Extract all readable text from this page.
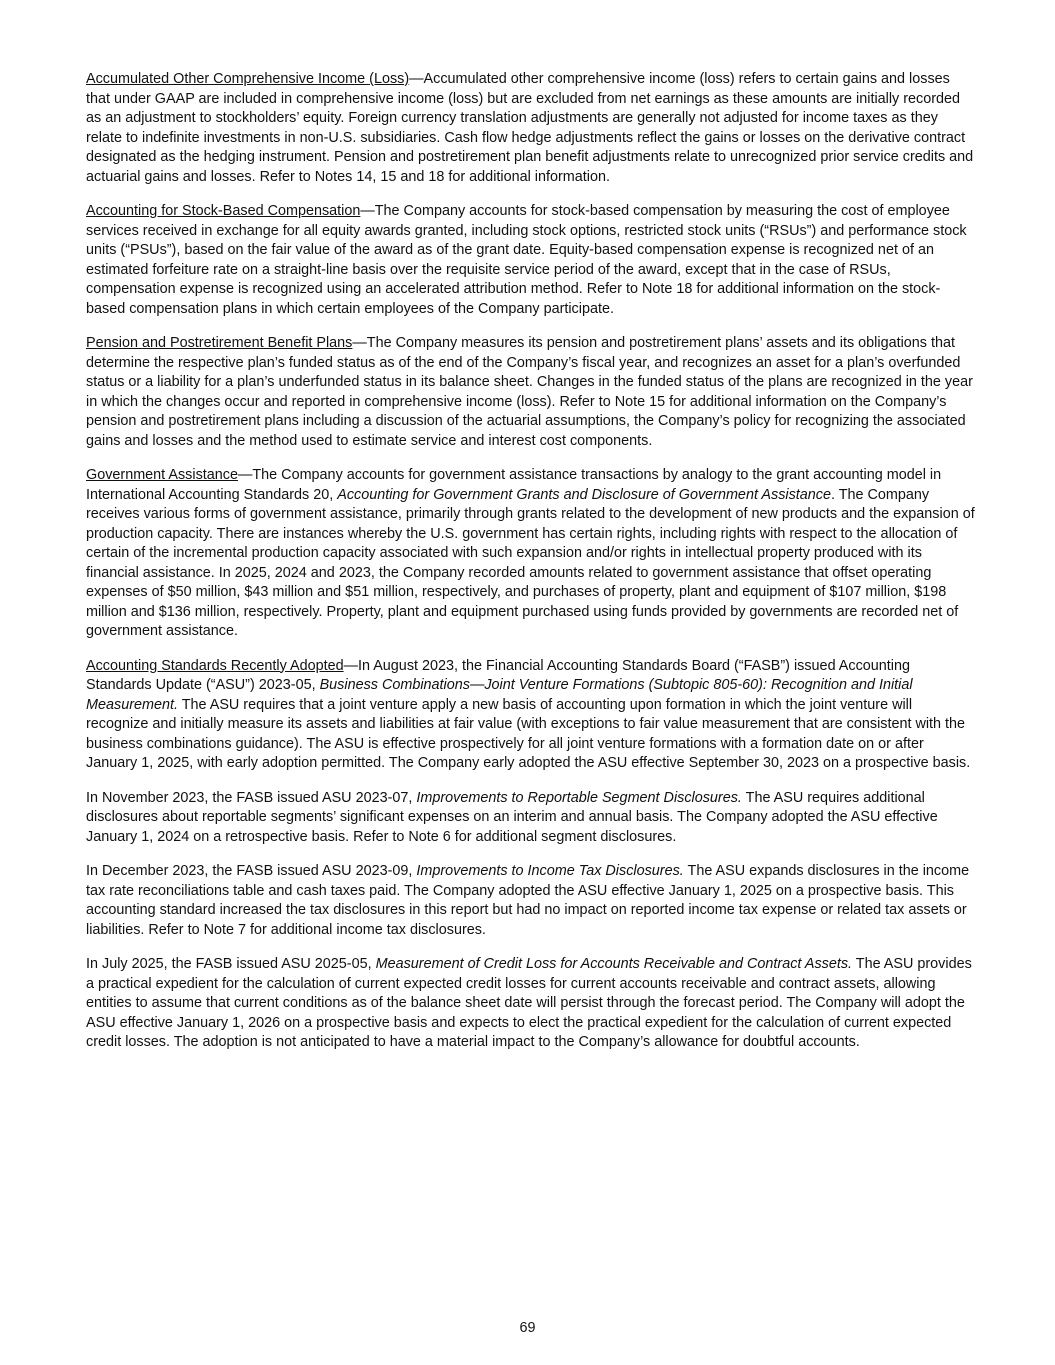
Accumulated Other Comprehensive Income (Loss)—Accumulated other comprehensive income (loss) refers to certain gains and losses that under GAAP are included in comprehensive income (loss) but are excluded from net earnings as these amounts are initially recorded as an adjustment to stockholders’ equity. Foreign currency translation adjustments are generally not adjusted for income taxes as they relate to indefinite investments in non-U.S. subsidiaries. Cash flow hedge adjustments reflect the gains or losses on the derivative contract designated as the hedging instrument. Pension and postretirement plan benefit adjustments relate to unrecognized prior service credits and actuarial gains and losses. Refer to Notes 14, 15 and 18 for additional information.

Accounting for Stock-Based Compensation—The Company accounts for stock-based compensation by measuring the cost of employee services received in exchange for all equity awards granted, including stock options, restricted stock units (“RSUs”) and performance stock units (“PSUs”), based on the fair value of the award as of the grant date. Equity-based compensation expense is recognized net of an estimated forfeiture rate on a straight-line basis over the requisite service period of the award, except that in the case of RSUs, compensation expense is recognized using an accelerated attribution method. Refer to Note 18 for additional information on the stock-based compensation plans in which certain employees of the Company participate.

Pension and Postretirement Benefit Plans—The Company measures its pension and postretirement plans’ assets and its obligations that determine the respective plan’s funded status as of the end of the Company’s fiscal year, and recognizes an asset for a plan’s overfunded status or a liability for a plan’s underfunded status in its balance sheet. Changes in the funded status of the plans are recognized in the year in which the changes occur and reported in comprehensive income (loss). Refer to Note 15 for additional information on the Company’s pension and postretirement plans including a discussion of the actuarial assumptions, the Company’s policy for recognizing the associated gains and losses and the method used to estimate service and interest cost components.

Government Assistance—The Company accounts for government assistance transactions by analogy to the grant accounting model in International Accounting Standards 20, Accounting for Government Grants and Disclosure of Government Assistance. The Company receives various forms of government assistance, primarily through grants related to the development of new products and the expansion of production capacity. There are instances whereby the U.S. government has certain rights, including rights with respect to the allocation of certain of the incremental production capacity associated with such expansion and/or rights in intellectual property produced with its financial assistance. In 2025, 2024 and 2023, the Company recorded amounts related to government assistance that offset operating expenses of $50 million, $43 million and $51 million, respectively, and purchases of property, plant and equipment of $107 million, $198 million and $136 million, respectively. Property, plant and equipment purchased using funds provided by governments are recorded net of government assistance.

Accounting Standards Recently Adopted—In August 2023, the Financial Accounting Standards Board (“FASB”) issued Accounting Standards Update (“ASU”) 2023-05, Business Combinations—Joint Venture Formations (Subtopic 805-60): Recognition and Initial Measurement. The ASU requires that a joint venture apply a new basis of accounting upon formation in which the joint venture will recognize and initially measure its assets and liabilities at fair value (with exceptions to fair value measurement that are consistent with the business combinations guidance). The ASU is effective prospectively for all joint venture formations with a formation date on or after January 1, 2025, with early adoption permitted. The Company early adopted the ASU effective September 30, 2023 on a prospective basis.

In November 2023, the FASB issued ASU 2023-07, Improvements to Reportable Segment Disclosures. The ASU requires additional disclosures about reportable segments’ significant expenses on an interim and annual basis. The Company adopted the ASU effective January 1, 2024 on a retrospective basis. Refer to Note 6 for additional segment disclosures.

In December 2023, the FASB issued ASU 2023-09, Improvements to Income Tax Disclosures. The ASU expands disclosures in the income tax rate reconciliations table and cash taxes paid. The Company adopted the ASU effective January 1, 2025 on a prospective basis. This accounting standard increased the tax disclosures in this report but had no impact on reported income tax expense or related tax assets or liabilities. Refer to Note 7 for additional income tax disclosures.

In July 2025, the FASB issued ASU 2025-05, Measurement of Credit Loss for Accounts Receivable and Contract Assets. The ASU provides a practical expedient for the calculation of current expected credit losses for current accounts receivable and contract assets, allowing entities to assume that current conditions as of the balance sheet date will persist through the forecast period. The Company will adopt the ASU effective January 1, 2026 on a prospective basis and expects to elect the practical expedient for the calculation of current expected credit losses. The adoption is not anticipated to have a material impact to the Company’s allowance for doubtful accounts.

69
